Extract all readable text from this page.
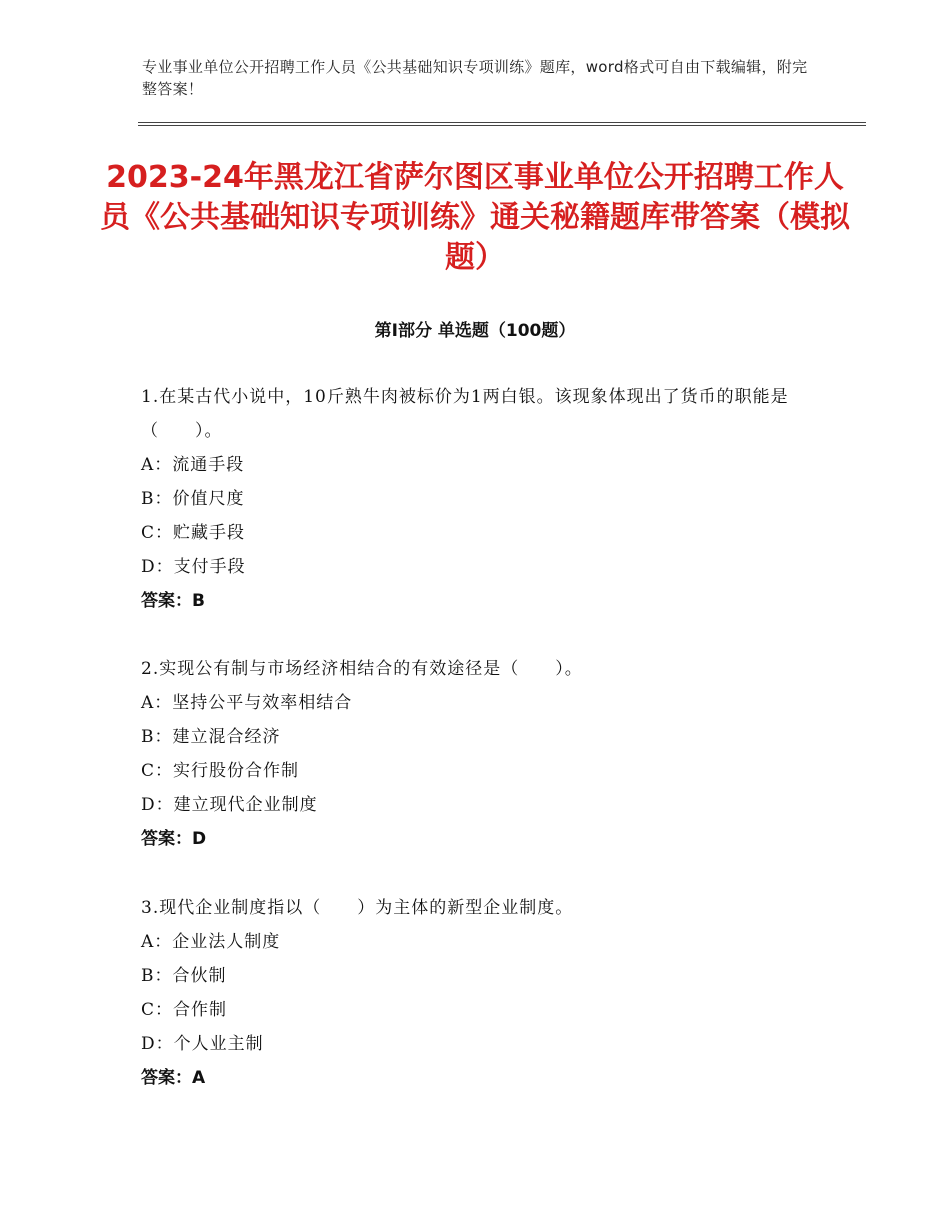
专业事业单位公开招聘工作人员《公共基础知识专项训练》题库，word格式可自由下载编辑，附完整答案！
2023-24年黑龙江省萨尔图区事业单位公开招聘工作人员《公共基础知识专项训练》通关秘籍题库带答案（模拟题）
第Ⅰ部分 单选题（100题）
1.在某古代小说中，10斤熟牛肉被标价为1两白银。该现象体现出了货币的职能是（　　）。
A：流通手段
B：价值尺度
C：贮藏手段
D：支付手段
答案：B
2.实现公有制与市场经济相结合的有效途径是（　　）。
A：坚持公平与效率相结合
B：建立混合经济
C：实行股份合作制
D：建立现代企业制度
答案：D
3.现代企业制度指以（　　）为主体的新型企业制度。
A：企业法人制度
B：合伙制
C：合作制
D：个人业主制
答案：A
